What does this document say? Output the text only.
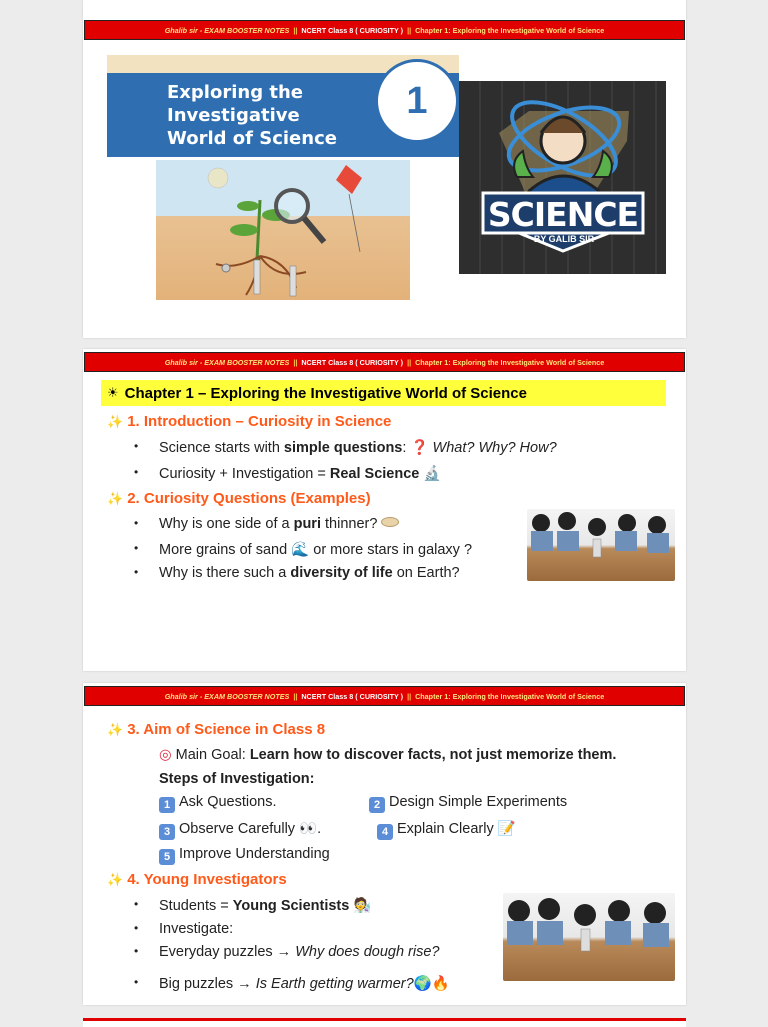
Ghalib sir - EXAM BOOSTER NOTES || NCERT Class 8 ( CURIOSITY ) || Chapter 1: Exploring the Investigative World of Science
Exploring the
Investigative
World of Science
1
SCIENCE
BY GALIB SIR
Ghalib sir - EXAM BOOSTER NOTES || NCERT Class 8 ( CURIOSITY ) || Chapter 1: Exploring the Investigative World of Science
☀ Chapter 1 – Exploring the Investigative World of Science
✨ 1. Introduction – Curiosity in Science
• Science starts with simple questions: ❓ What? Why? How?
• Curiosity + Investigation = Real Science 🔬
✨ 2. Curiosity Questions (Examples)
• Why is one side of a puri thinner?
• More grains of sand 🌊 or more stars in galaxy ?
• Why is there such a diversity of life on Earth?
Ghalib sir - EXAM BOOSTER NOTES || NCERT Class 8 ( CURIOSITY ) || Chapter 1: Exploring the Investigative World of Science
✨ 3. Aim of Science in Class 8
◎ Main Goal: Learn how to discover facts, not just memorize them.
Steps of Investigation:
1 Ask Questions.	2 Design Simple Experiments
3 Observe Carefully 👀.	4 Explain Clearly 📝
5 Improve Understanding
✨ 4. Young Investigators
• Students = Young Scientists 🧑‍🔬
• Investigate:
• Everyday puzzles → Why does dough rise?
• Big puzzles → Is Earth getting warmer?🌍🔥
